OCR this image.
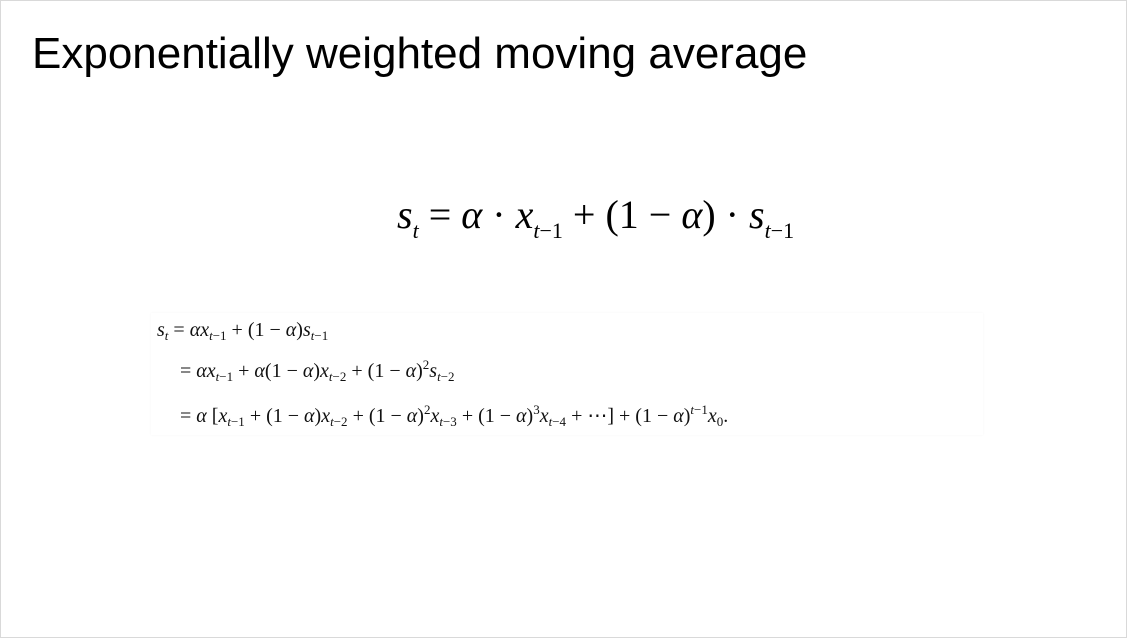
Exponentially weighted moving average
$s_t = \alpha \cdot x_{t-1} + (1 - \alpha) \cdot s_{t-1}$
$s_t = \alpha x_{t-1} + (1 - \alpha)s_{t-1}$
= $\alpha x_{t-1} + \alpha(1 - \alpha)x_{t-2} + (1 - \alpha)^2s_{t-2}$
= α [$x_{t-1} + (1 - \alpha)x_{t-2} + (1 - \alpha)^2x_{t-3} + (1 - \alpha)^3x_{t-4}$ + ⋯] + $(1 - \alpha)^{t-1}x_0$.
